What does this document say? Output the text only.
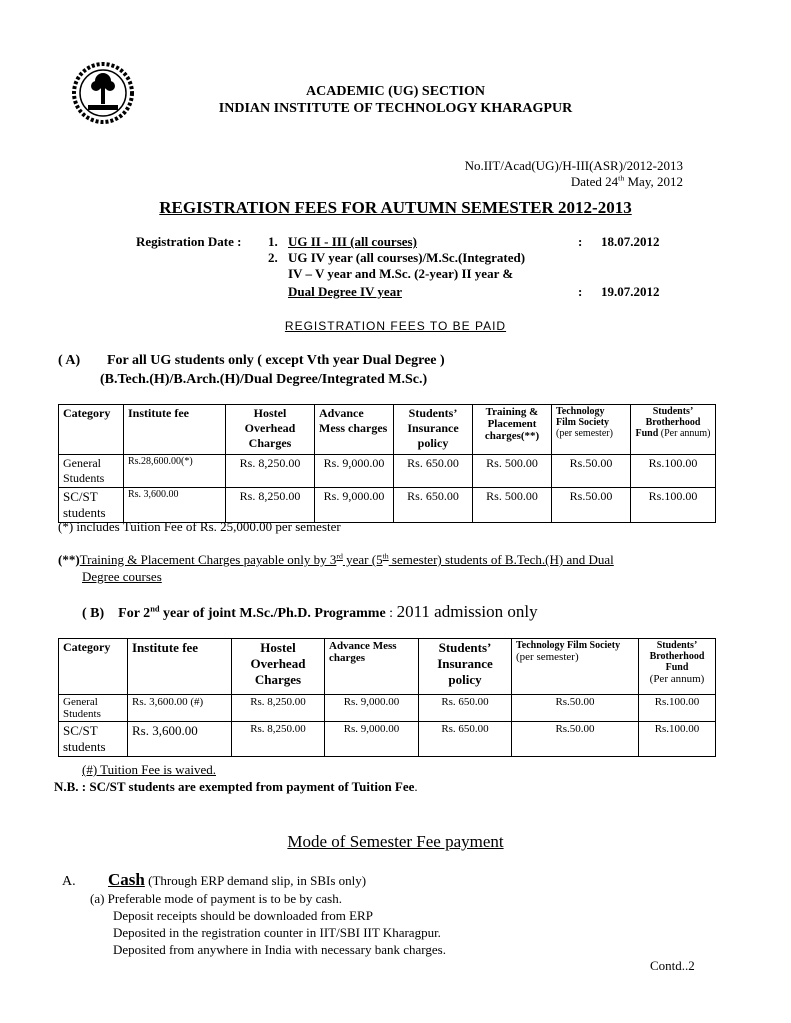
ACADEMIC (UG) SECTION
INDIAN INSTITUTE OF TECHNOLOGY KHARAGPUR
No.IIT/Acad(UG)/H-III(ASR)/2012-2013
Dated 24th May, 2012
REGISTRATION FEES FOR AUTUMN SEMESTER 2012-2013
Registration Date : 1. UG II - III (all courses)	: 18.07.2012
2. UG IV year (all courses)/M.Sc.(Integrated)
IV – V year and M.Sc. (2-year) II year &
Dual Degree IV year	: 19.07.2012
REGISTRATION FEES TO BE PAID
( A) For all UG students only ( except Vth year Dual Degree )
(B.Tech.(H)/B.Arch.(H)/Dual Degree/Integrated M.Sc.)
Category	Institute fee	Hostel Overhead Charges	Advance Mess charges	Students’ Insurance policy	Training & Placement charges(**)	Technology Film Society
(per semester)	Students’ Brotherhood Fund (Per annum)
General Students	Rs.28,600.00(*)	Rs. 8,250.00	Rs. 9,000.00	Rs. 650.00	Rs. 500.00	Rs.50.00	Rs.100.00
SC/ST students	Rs. 3,600.00	Rs. 8,250.00	Rs. 9,000.00	Rs. 650.00	Rs. 500.00	Rs.50.00	Rs.100.00
(*) includes Tuition Fee of Rs. 25,000.00 per semester
(**)Training & Placement Charges payable only by 3rd year (5th semester) students of B.Tech.(H) and Dual
Degree courses
( B) For 2nd year of joint M.Sc./Ph.D. Programme : 2011 admission only
Category	Institute fee	Hostel Overhead Charges	Advance Mess charges	Students’ Insurance policy	Technology Film Society
(per semester)	Students’ Brotherhood Fund
(Per annum)
General Students	Rs. 3,600.00 (#)	Rs. 8,250.00	Rs. 9,000.00	Rs. 650.00	Rs.50.00	Rs.100.00
SC/ST students	Rs. 3,600.00	Rs. 8,250.00	Rs. 9,000.00	Rs. 650.00	Rs.50.00	Rs.100.00
(#) Tuition Fee is waived.
N.B. : SC/ST students are exempted from payment of Tuition Fee.
Mode of Semester Fee payment
A. Cash (Through ERP demand slip, in SBIs only)
(a) Preferable mode of payment is to be by cash.
Deposit receipts should be downloaded from ERP
Deposited in the registration counter in IIT/SBI IIT Kharagpur.
Deposited from anywhere in India with necessary bank charges.
Contd..2
